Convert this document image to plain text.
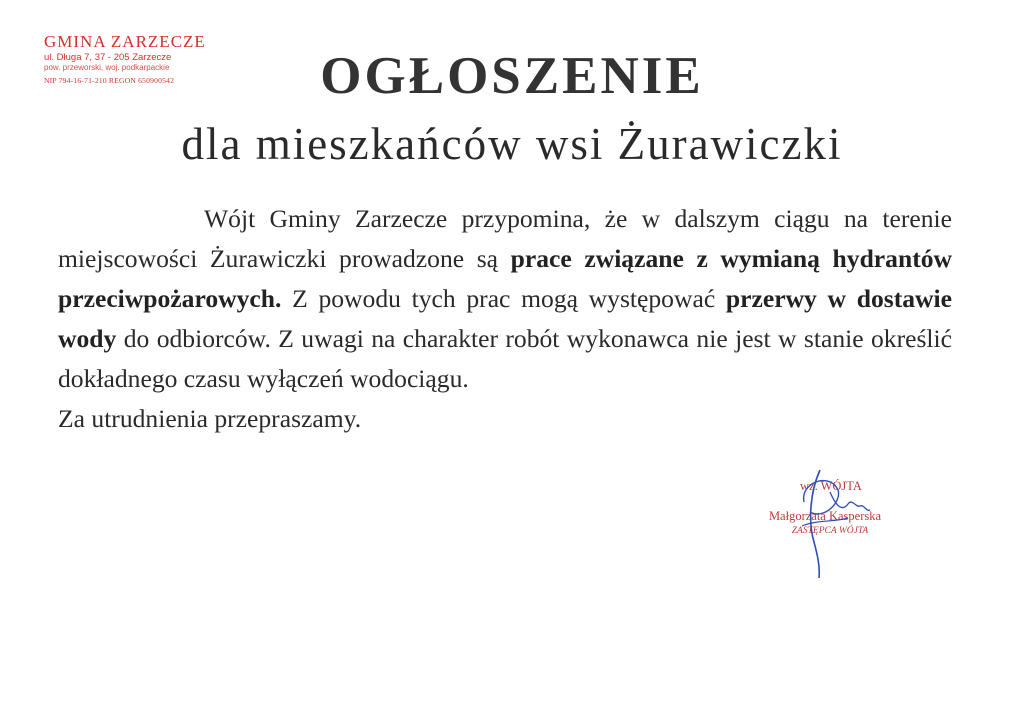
GMINA ZARZECZE
ul. Długa 7, 37 - 205 Zarzecze
pow. przeworski, woj. podkarpackie
NIP 794-16-71-210 REGON 650900542	OGŁOSZENIE
dla mieszkańców wsi Żurawiczki

Wójt Gminy Zarzecze przypomina, że w dalszym ciągu na terenie miejscowości Żurawiczki prowadzone są prace związane z wymianą hydrantów przeciwpożarowych. Z powodu tych prac mogą występować przerwy w dostawie wody do odbiorców. Z uwagi na charakter robót wykonawca nie jest w stanie określić dokładnego czasu wyłączeń wodociągu.

Za utrudnienia przepraszamy.

wz. WÓJTA
Małgorzata Kasperska
ZASTĘPCA WÓJTA
